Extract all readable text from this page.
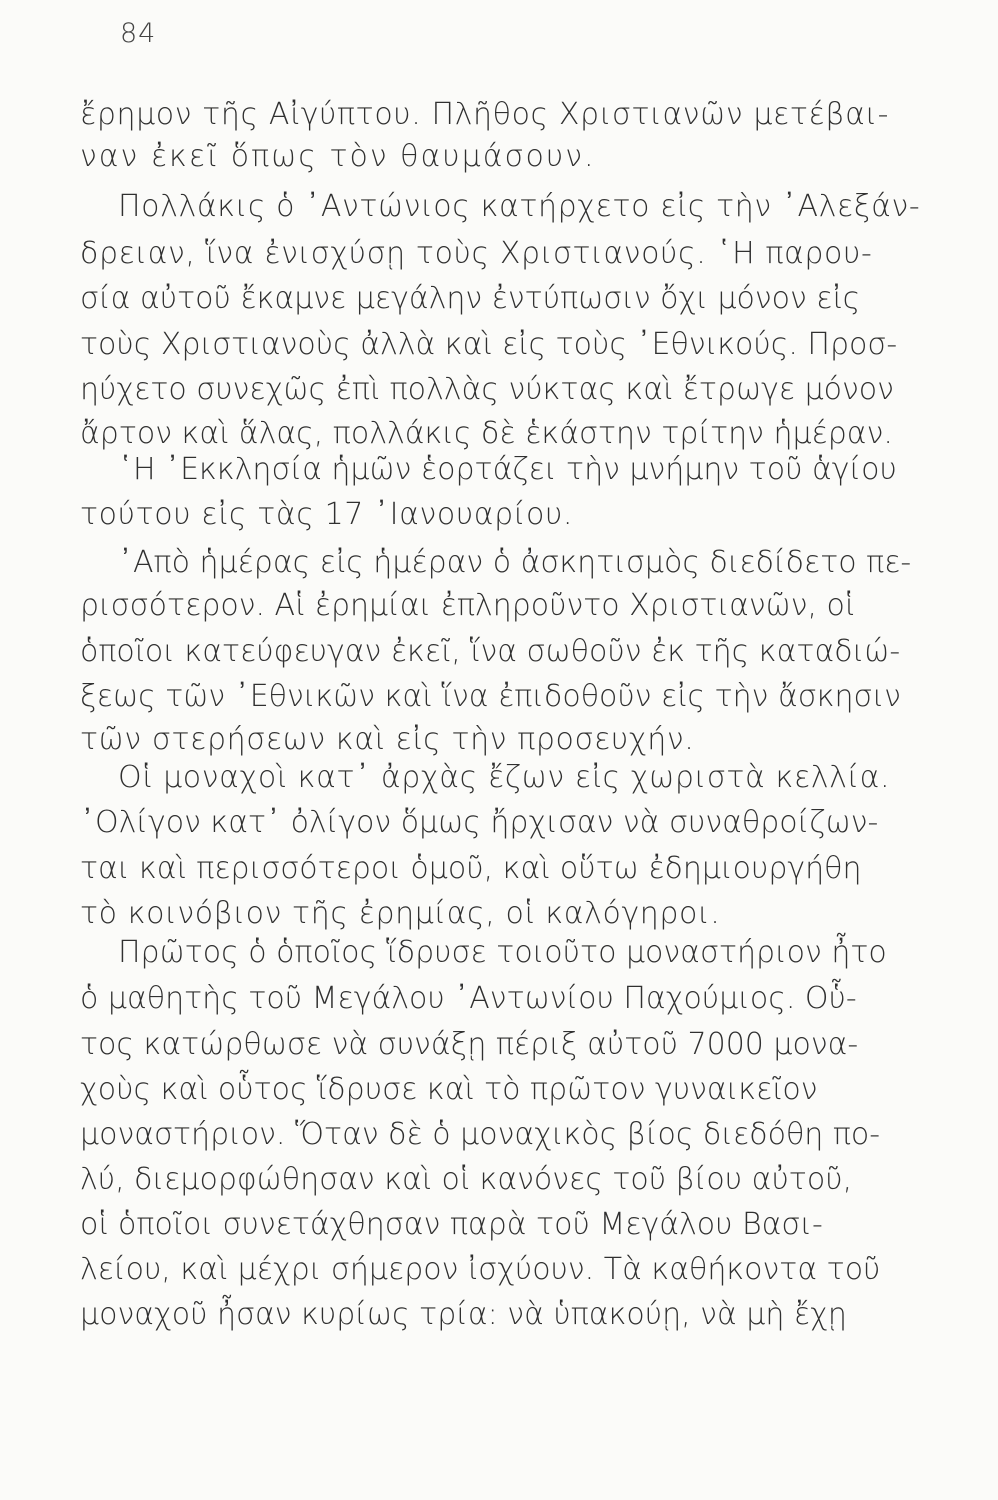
84
ἔρημον τῆς Αἰγύπτου. Πλῆθος Χριστιανῶν μετέβαι-
ναν ἐκεῖ ὅπως τὸν θαυμάσουν.
Πολλάκις ὁ ᾿Αντώνιος κατήρχετο εἰς τὴν ᾿Αλεξάν-
δρειαν, ἵνα ἐνισχύσῃ τοὺς Χριστιανούς. ῾Η παρου-
σία αὐτοῦ ἔκαμνε μεγάλην ἐντύπωσιν ὄχι μόνον εἰς
τοὺς Χριστιανοὺς ἀλλὰ καὶ εἰς τοὺς ᾿Εθνικούς. Προσ-
ηύχετο συνεχῶς ἐπὶ πολλὰς νύκτας καὶ ἔτρωγε μόνον
ἄρτον καὶ ἅλας, πολλάκις δὲ ἑκάστην τρίτην ἡμέραν.
῾Η ᾿Εκκλησία ἡμῶν ἑορτάζει τὴν μνήμην τοῦ ἁγίου
τούτου εἰς τὰς 17 ᾿Ιανουαρίου.
᾿Απὸ ἡμέρας εἰς ἡμέραν ὁ ἀσκητισμὸς διεδίδετο πε-
ρισσότερον. Αἱ ἐρημίαι ἐπληροῦντο Χριστιανῶν, οἱ
ὁποῖοι κατεύφευγαν ἐκεῖ, ἵνα σωθοῦν ἐκ τῆς καταδιώ-
ξεως τῶν ᾿Εθνικῶν καὶ ἵνα ἐπιδοθοῦν εἰς τὴν ἄσκησιν
τῶν στερήσεων καὶ εἰς τὴν προσευχήν.
Οἱ μοναχοὶ κατ᾿ ἀρχὰς ἔζων εἰς χωριστὰ κελλία.
᾿Ολίγον κατ᾿ ὀλίγον ὅμως ἤρχισαν νὰ συναθροίζων-
ται καὶ περισσότεροι ὁμοῦ, καὶ οὕτω ἐδημιουργήθη
τὸ κοινόβιον τῆς ἐρημίας, οἱ καλόγηροι.
Πρῶτος ὁ ὁποῖος ἵδρυσε τοιοῦτο μοναστήριον ἦτο
ὁ μαθητὴς τοῦ Μεγάλου ᾿Αντωνίου Παχούμιος. Οὗ-
τος κατώρθωσε νὰ συνάξῃ πέριξ αὐτοῦ 7000 μονα-
χοὺς καὶ οὗτος ἵδρυσε καὶ τὸ πρῶτον γυναικεῖον
μοναστήριον. Ὅταν δὲ ὁ μοναχικὸς βίος διεδόθη πο-
λύ, διεμορφώθησαν καὶ οἱ κανόνες τοῦ βίου αὐτοῦ,
οἱ ὁποῖοι συνετάχθησαν παρὰ τοῦ Μεγάλου Βασι-
λείου, καὶ μέχρι σήμερον ἰσχύουν. Τὰ καθήκοντα τοῦ
μοναχοῦ ἦσαν κυρίως τρία: νὰ ὑπακούῃ, νὰ μὴ ἔχῃ
